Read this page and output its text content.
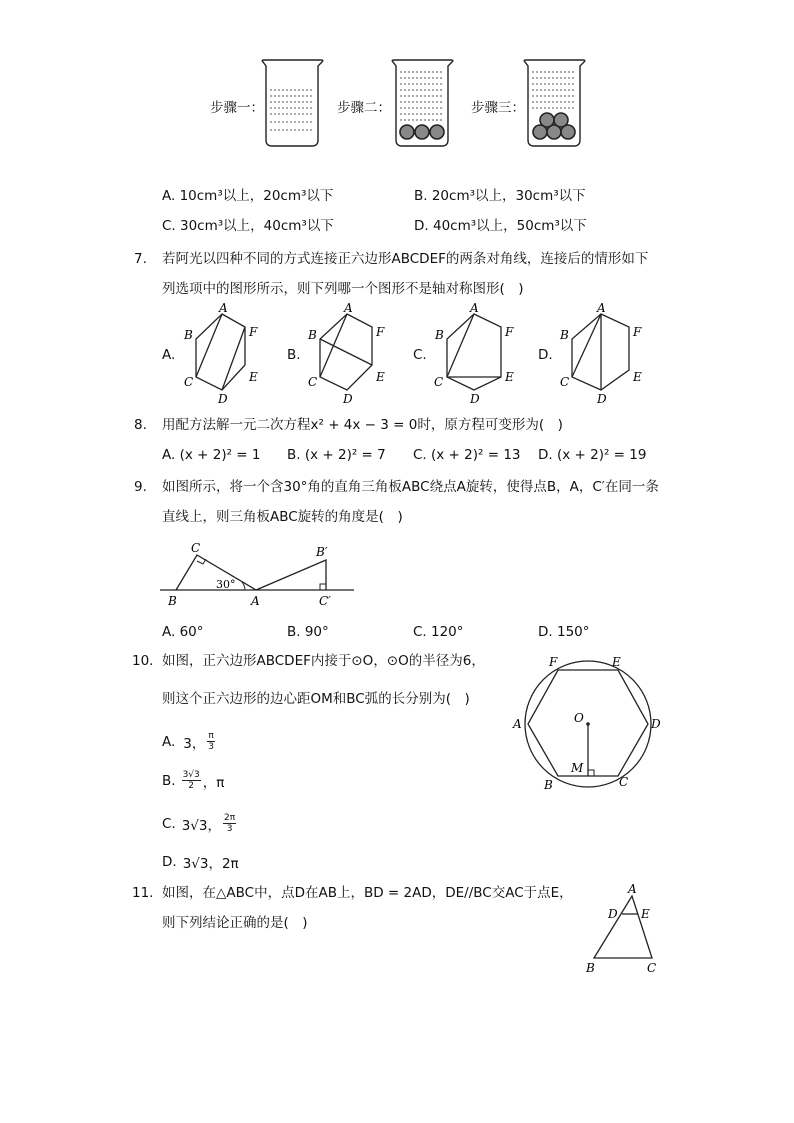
步骤一：	步骤二：	步骤三：
A. 10cm³以上，20cm³以下	B. 20cm³以上，30cm³以下
C. 30cm³以上，40cm³以下	D. 40cm³以上，50cm³以下
7. 若阿光以四种不同的方式连接正六边形ABCDEF的两条对角线，连接后的情形如下
列选项中的图形所示，则下列哪一个图形不是轴对称图形(　)
A.	B.	C.	D.
A
B
C
D
E
F
A
B
C
D
E
F
A
B
C
D
E
F
A
B
C
D
E
F
8. 用配方法解一元二次方程x² + 4x − 3 = 0时，原方程可变形为(　)
A. (x + 2)² = 1 B. (x + 2)² = 7 C. (x + 2)² = 13 D. (x + 2)² = 19
9. 如图所示，将一个含30°角的直角三角板ABC绕点A旋转，使得点B，A，C′在同一条
直线上，则三角板ABC旋转的角度是(　)
C
B	A
B′
C′
30°
A. 60°	B. 90°	C. 120°	D. 150°
10. 如图，正六边形ABCDEF内接于⊙O，⊙O的半径为6，
则这个正六边形的边心距OM和BC弧的长分别为(　)
F	E
A	D
O
M
B	C
A. 3， $\frac{\pi}{3}$
B. $\frac{3√3}{2}$ ，π
C. 3√3， $\frac{2\pi}{3}$
D. 3√3，2π
11. 如图，在△ABC中，点D在AB上，BD = 2AD，DE//BC交AC于点E，
则下列结论正确的是(　)
A
D E
B	C
